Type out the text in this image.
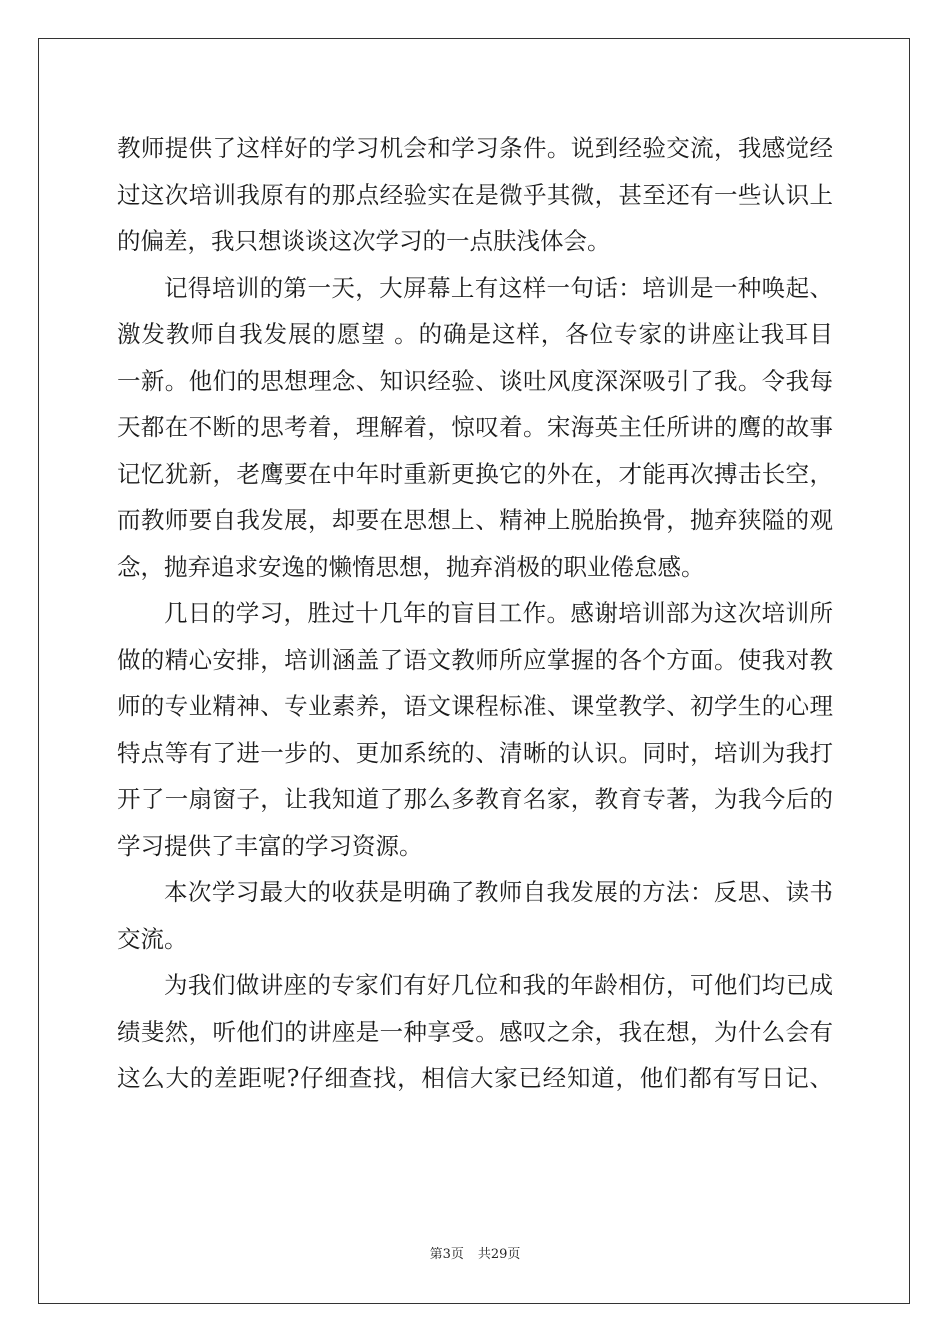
教师提供了这样好的学习机会和学习条件。说到经验交流，我感觉经
过这次培训我原有的那点经验实在是微乎其微，甚至还有一些认识上
的偏差，我只想谈谈这次学习的一点肤浅体会。
记得培训的第一天，大屏幕上有这样一句话：培训是一种唤起、
激发教师自我发展的愿望 。的确是这样，各位专家的讲座让我耳目
一新。他们的思想理念、知识经验、谈吐风度深深吸引了我。令我每
天都在不断的思考着，理解着，惊叹着。宋海英主任所讲的鹰的故事
记忆犹新，老鹰要在中年时重新更换它的外在，才能再次搏击长空，
而教师要自我发展，却要在思想上、精神上脱胎换骨，抛弃狭隘的观
念，抛弃追求安逸的懒惰思想，抛弃消极的职业倦怠感。
几日的学习，胜过十几年的盲目工作。感谢培训部为这次培训所
做的精心安排，培训涵盖了语文教师所应掌握的各个方面。使我对教
师的专业精神、专业素养，语文课程标准、课堂教学、初学生的心理
特点等有了进一步的、更加系统的、清晰的认识。同时，培训为我打
开了一扇窗子，让我知道了那么多教育名家，教育专著，为我今后的
学习提供了丰富的学习资源。
本次学习最大的收获是明确了教师自我发展的方法：反思、读书
交流。
为我们做讲座的专家们有好几位和我的年龄相仿，可他们均已成
绩斐然，听他们的讲座是一种享受。感叹之余，我在想，为什么会有
这么大的差距呢?仔细查找，相信大家已经知道，他们都有写日记、
第3页 共29页
